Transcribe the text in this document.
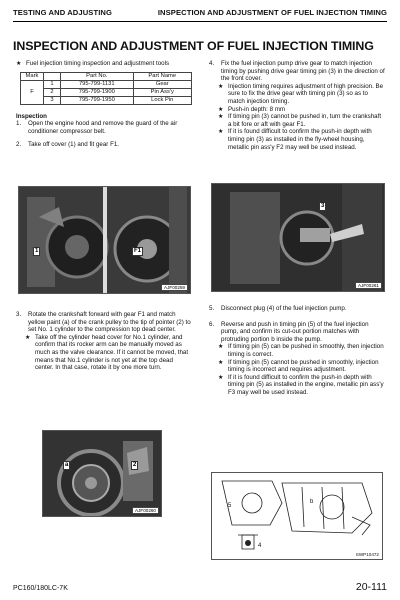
TESTING AND ADJUSTING	INSPECTION AND ADJUSTMENT OF FUEL INJECTION TIMING
INSPECTION AND ADJUSTMENT OF FUEL INJECTION TIMING
★ Fuel injection timing inspection and adjustment tools
Mark		Part No.	Part Name
F	1	795-799-1131	Gear
	2	795-799-1900	Pin Ass'y
	3	795-799-1950	Lock Pin
Inspection
1.	Open the engine hood and remove the guard of the air conditioner compressor belt.
2.	Take off cover (1) and fit gear F1.
1	F1
AJF00259
3.	Rotate the crankshaft forward with gear F1 and match yellow paint (a) of the crank pulley to the tip of pointer (2) to set No. 1 cylinder to the compression top dead center.
★ Take off the cylinder head cover for No.1 cylinder, and confirm that its rocker arm can be manually moved as much as the valve clearance. If it cannot be moved, that means that No.1 cylinder is not yet at the top dead center. In that case, rotate it by one more turn.
a	2
AJF00260
4.	Fix the fuel injection pump drive gear to match injection timing by pushing drive gear timing pin (3) in the direction of the front cover.
★ Injection timing requires adjustment of high precision. Be sure to fix the drive gear with timing pin (3) so as to match injection timing.
★ Push-in depth: 8 mm
★ If timing pin (3) cannot be pushed in, turn the crankshaft a bit fore or aft with gear F1.
★ If it is found difficult to confirm the push-in depth with timing pin (3) as installed in the fly-wheel housing, metallic pin ass'y F2 may well be used instead.
3
AJF00261
5.	Disconnect plug (4) of the fuel injection pump.
6.	Reverse and push in timing pin (5) of the fuel injection pump, and confirm its cut-out portion matches with protruding portion b inside the pump.
★ If timing pin (5) can be pushed in smoothly, then injection timing is correct.
★ If timing pin (5) cannot be pushed in smoothly, injection timing is incorrect and requires adjustment.
★ If it is found difficult to confirm the push-in depth with timing pin (5) as installed in the engine, metallic pin ass'y F3 may well be used instead.
5
b
4
SWP10472
PC160/180LC-7K	20-111
